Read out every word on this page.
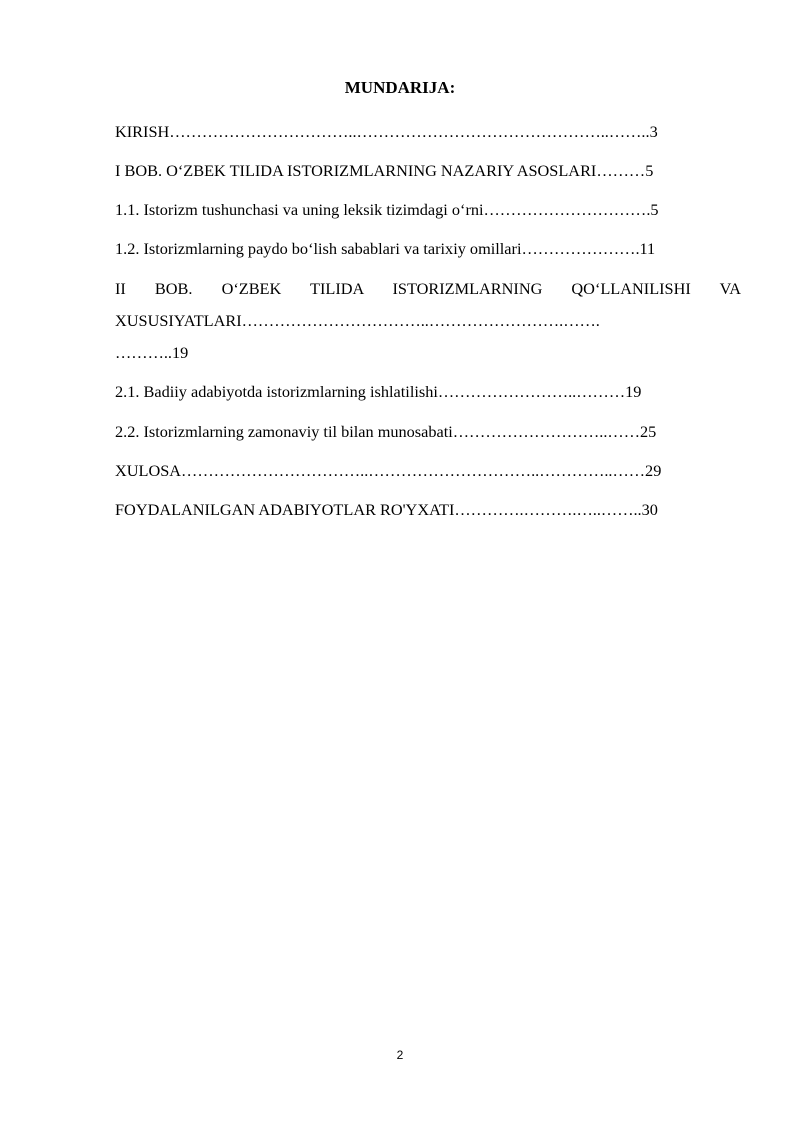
MUNDARIJA:
KIRISH……………………………..………………………………………..……..3
I BOB. O‘ZBEK TILIDA ISTORIZMLARNING NAZARIY ASOSLARI………5
1.1. Istorizm tushunchasi va uning leksik tizimdagi o‘rni………………………….5
1.2. Istorizmlarning paydo bo‘lish sabablari va tarixiy omillari………………….11
II BOB. O‘ZBEK TILIDA ISTORIZMLARNING QO‘LLANILISHI VA
XUSUSIYATLARI……………………………..…………………….…….
………..19
2.1. Badiiy adabiyotda istorizmlarning ishlatilishi……………………..………19
2.2. Istorizmlarning zamonaviy til bilan munosabati………………………..……25
XULOSA……………………………..…………………………..…………..……29
FOYDALANILGAN ADABIYOTLAR RO'YXATI………….……….…..……..30
2
